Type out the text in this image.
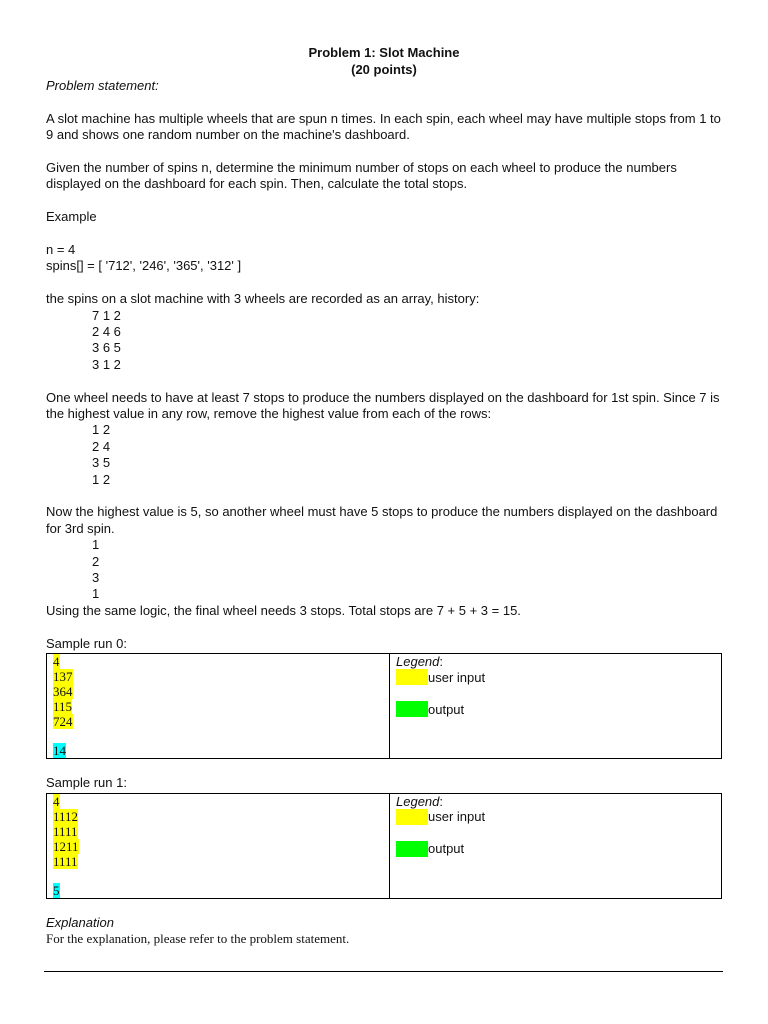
Problem 1: Slot Machine
(20 points)

Problem statement:

A slot machine has multiple wheels that are spun n times. In each spin, each wheel may have multiple stops from 1 to 9 and shows one random number on the machine's dashboard.

Given the number of spins n, determine the minimum number of stops on each wheel to produce the numbers displayed on the dashboard for each spin. Then, calculate the total stops.

Example

n = 4

spins[] = [ '712', '246', '365', '312' ]

the spins on a slot machine with 3 wheels are recorded as an array, history:

7 1 2

2 4 6

3 6 5

3 1 2

One wheel needs to have at least 7 stops to produce the numbers displayed on the dashboard for 1st spin. Since 7 is the highest value in any row, remove the highest value from each of the rows:

1 2

2 4

3 5

1 2

Now the highest value is 5, so another wheel must have 5 stops to produce the numbers displayed on the dashboard for 3rd spin.

1

2

3

1

Using the same logic, the final wheel needs 3 stops. Total stops are 7 + 5 + 3 = 15.

Sample run 0:

4
137
364
115
724
14

Legend:
user input
output

Sample run 1:

4
1112
1111
1211
1111
5

Legend:
user input
output

Explanation

For the explanation, please refer to the problem statement.
